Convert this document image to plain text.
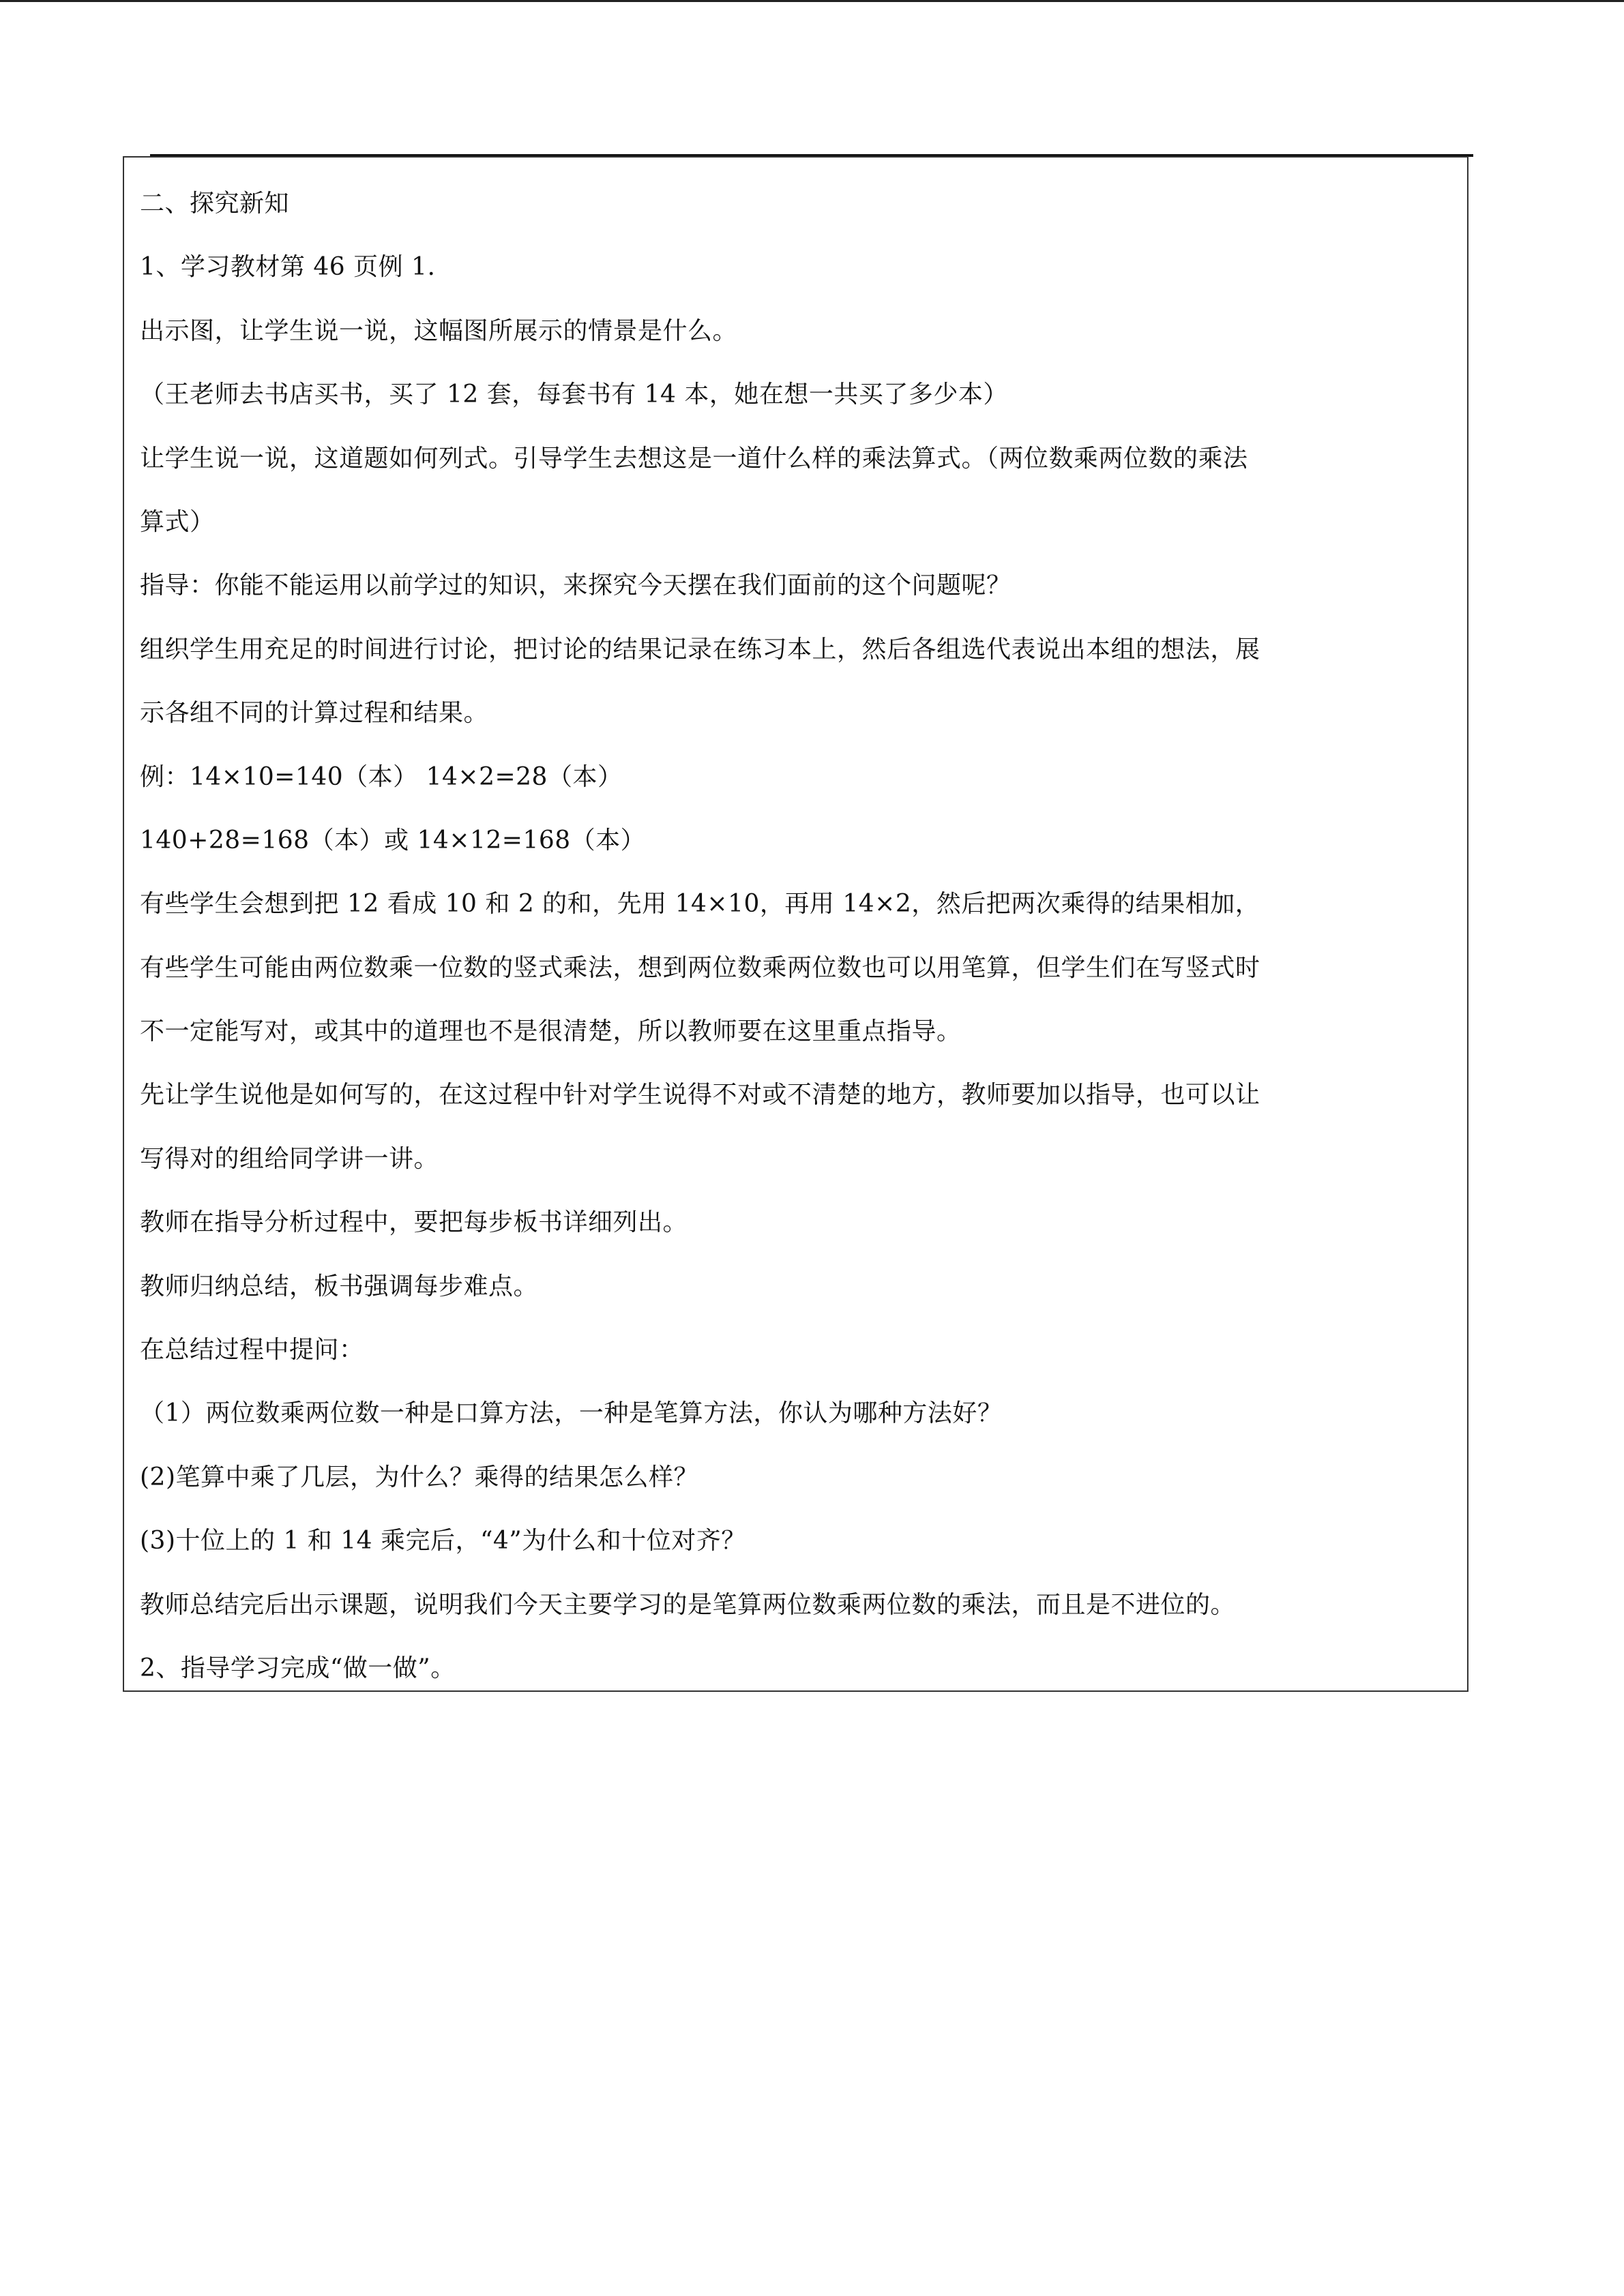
二、探究新知
1、学习教材第 46 页例 1.
出示图，让学生说一说，这幅图所展示的情景是什么。
（王老师去书店买书，买了 12 套，每套书有 14 本，她在想一共买了多少本）
让学生说一说，这道题如何列式。引导学生去想这是一道什么样的乘法算式。（两位数乘两位数的乘法
算式）
指导：你能不能运用以前学过的知识，来探究今天摆在我们面前的这个问题呢？
组织学生用充足的时间进行讨论，把讨论的结果记录在练习本上，然后各组选代表说出本组的想法，展
示各组不同的计算过程和结果。
例：14×10=140（本） 14×2=28（本）
140+28=168（本）或 14×12=168（本）
有些学生会想到把 12 看成 10 和 2 的和，先用 14×10，再用 14×2，然后把两次乘得的结果相加，
有些学生可能由两位数乘一位数的竖式乘法，想到两位数乘两位数也可以用笔算，但学生们在写竖式时
不一定能写对，或其中的道理也不是很清楚，所以教师要在这里重点指导。
先让学生说他是如何写的，在这过程中针对学生说得不对或不清楚的地方，教师要加以指导，也可以让
写得对的组给同学讲一讲。
教师在指导分析过程中，要把每步板书详细列出。
教师归纳总结，板书强调每步难点。
在总结过程中提问：
（1）两位数乘两位数一种是口算方法，一种是笔算方法，你认为哪种方法好？
(2)笔算中乘了几层，为什么？乘得的结果怎么样？
(3)十位上的 1 和 14 乘完后，“4”为什么和十位对齐？
教师总结完后出示课题，说明我们今天主要学习的是笔算两位数乘两位数的乘法，而且是不进位的。
2、指导学习完成“做一做”。
